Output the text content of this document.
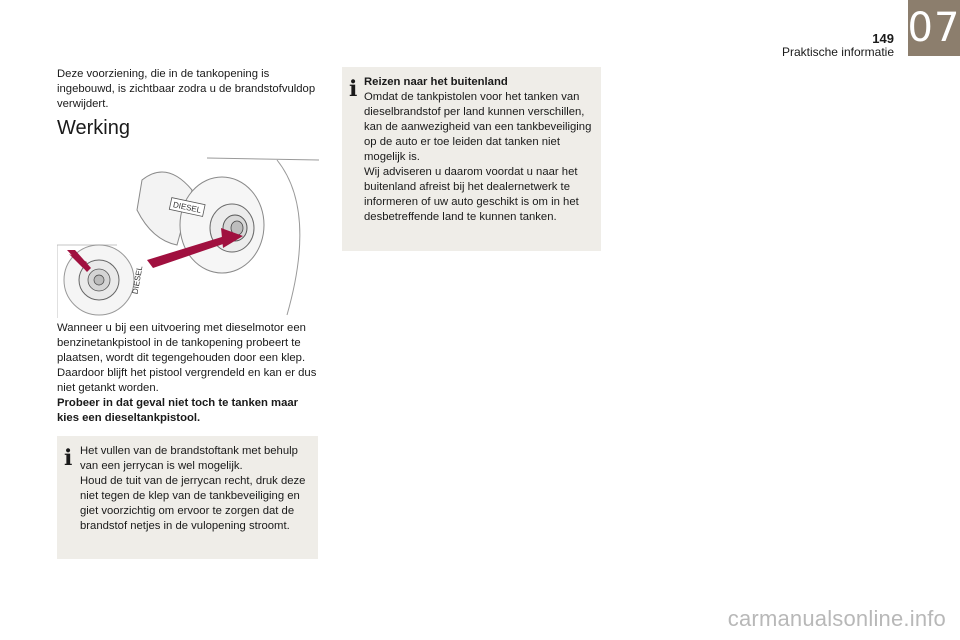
149
Praktische informatie
07

Deze voorziening, die in de tankopening is ingebouwd, is zichtbaar zodra u de brandstofvuldop verwijdert.

Werking
DIESEL
DIESEL

Wanneer u bij een uitvoering met dieselmotor een benzinetankpistool in de tankopening probeert te plaatsen, wordt dit tegengehouden door een klep. Daardoor blijft het pistool vergrendeld en kan er dus niet getankt worden.

Probeer in dat geval niet toch te tanken maar kies een dieseltankpistool.

ℹ Het vullen van de brandstoftank met behulp van een jerrycan is wel mogelijk.

Houd de tuit van de jerrycan recht, druk deze niet tegen de klep van de tankbeveiliging en giet voorzichtig om ervoor te zorgen dat de brandstof netjes in de vulopening stroomt.

ℹ Reizen naar het buitenland

Omdat de tankpistolen voor het tanken van dieselbrandstof per land kunnen verschillen, kan de aanwezigheid van een tankbeveiliging op de auto er toe leiden dat tanken niet mogelijk is.

Wij adviseren u daarom voordat u naar het buitenland afreist bij het dealernetwerk te informeren of uw auto geschikt is om in het desbetreffende land te kunnen tanken.

carmanualsonline.info
